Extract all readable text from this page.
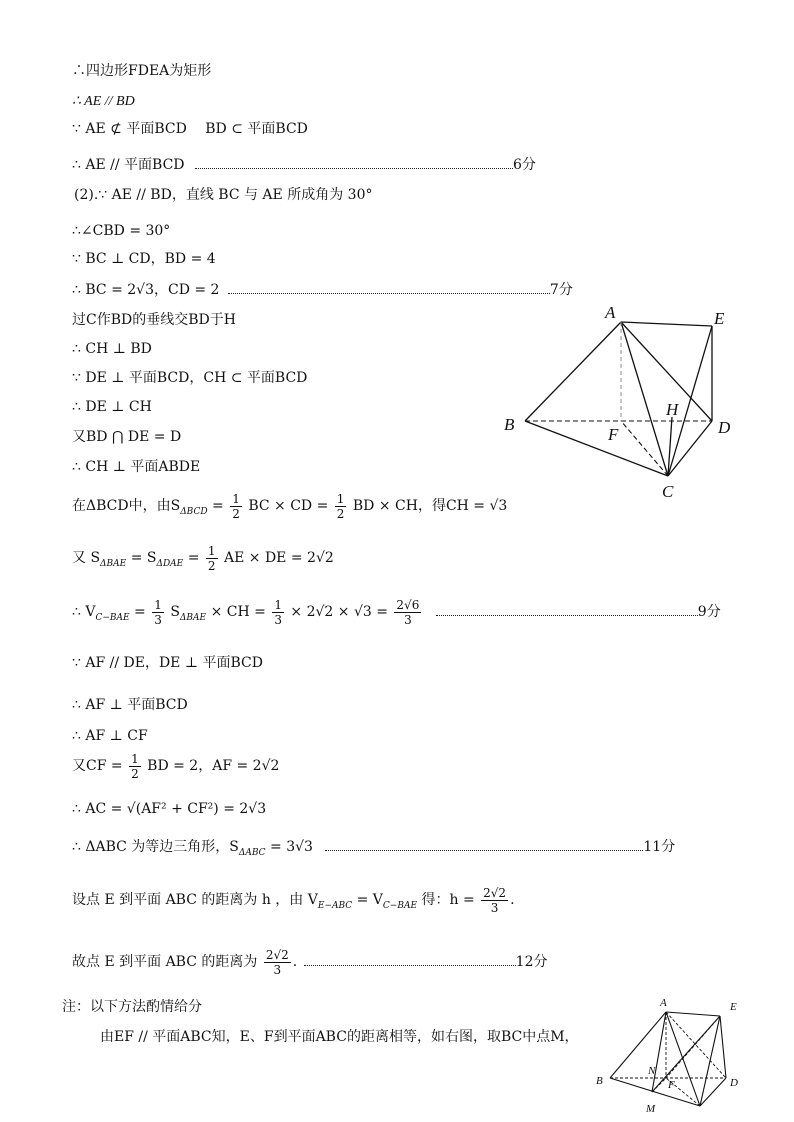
∴四边形FDEA为矩形
∴ AE // BD
∵ AE ⊄ 平面BCD　 BD ⊂ 平面BCD
∴ AE // 平面BCD	6分
(2).∵ AE // BD，直线 BC 与 AE 所成角为 30°
∴∠CBD = 30°
∵ BC ⊥ CD，BD = 4
∴ BC = 2√3，CD = 2	7分
过C作BD的垂线交BD于H
∴ CH ⊥ BD
∵ DE ⊥ 平面BCD，CH ⊂ 平面BCD
∴ DE ⊥ CH
又BD ⋂ DE = D
∴ CH ⊥ 平面ABDE
在ΔBCD中，由$S_{\Delta BCD} = \frac{1}{2}$ BC × CD = $\frac{1}{2}$ BD × CH，得CH = √3
又 $S_{\Delta BAE} = S_{\Delta DAE} = \frac{1}{2}$ AE × DE = 2√2
∴ $V_{C-BAE} = \frac{1}{3} S_{\Delta BAE}$ × CH = $\frac{1}{3} \times 2√2 \times √3 = \frac{2√6}{3}$	9分
∵ AF // DE，DE ⊥ 平面BCD
∴ AF ⊥ 平面BCD
∴ AF ⊥ CF
又CF = $\frac{1}{2}$ BD = 2，AF = 2√2
∴ AC = √(AF² + CF²) = 2√3
∴ ΔABC 为等边三角形，$S_{\Delta ABC} = 3√3$	11分
设点 E 到平面 ABC 的距离为 h ，由 $V_{E-ABC} = V_{C-BAE}$ 得：$h = \frac{2√2}{3}$ .
故点 E 到平面 ABC 的距离为 $\frac{2√2}{3}$ .	12分
注：以下方法酌情给分
由EF // 平面ABC知，E、F到平面ABC的距离相等，如右图，取BC中点M，
A	E
B	D
H
F
C
A	E
B	D
N
F
M
